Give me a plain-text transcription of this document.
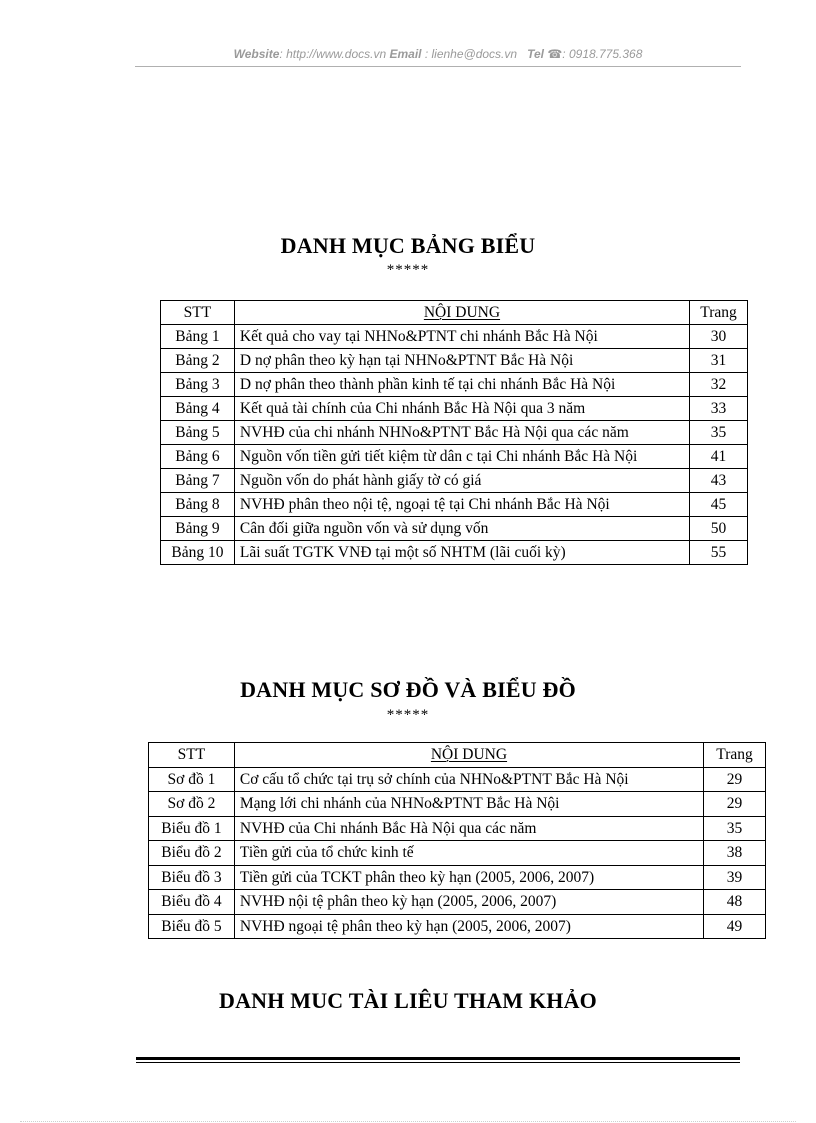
Website: http://www.docs.vn Email : lienhe@docs.vn Tel ☎: 0918.775.368
DANH MỤC BẢNG BIỂU
*****
STT	NỘI DUNG	Trang
Bảng 1	Kết quả cho vay tại NHNo&PTNT chi nhánh Bắc Hà Nội	30
Bảng 2	D nợ phân theo kỳ hạn tại NHNo&PTNT Bắc Hà Nội	31
Bảng 3	D nợ phân theo thành phần kinh tế tại chi nhánh Bắc Hà Nội	32
Bảng 4	Kết quả tài chính của Chi nhánh Bắc Hà Nội qua 3 năm	33
Bảng 5	NVHĐ của chi nhánh NHNo&PTNT Bắc Hà Nội qua các năm	35
Bảng 6	Nguồn vốn tiền gửi tiết kiệm từ dân c tại Chi nhánh Bắc Hà Nội	41
Bảng 7	Nguồn vốn do phát hành giấy tờ có giá	43
Bảng 8	NVHĐ phân theo nội tệ, ngoại tệ tại Chi nhánh Bắc Hà Nội	45
Bảng 9	Cân đối giữa nguồn vốn và sử dụng vốn	50
Bảng 10	Lãi suất TGTK VNĐ tại một số NHTM (lãi cuối kỳ)	55
DANH MỤC SƠ ĐỒ VÀ BIỂU ĐỒ
*****
STT	NỘI DUNG	Trang
Sơ đồ 1	Cơ cấu tổ chức tại trụ sở chính của NHNo&PTNT Bắc Hà Nội	29
Sơ đồ 2	Mạng lới chi nhánh của NHNo&PTNT Bắc Hà Nội	29
Biểu đồ 1	NVHĐ của Chi nhánh Bắc Hà Nội qua các năm	35
Biểu đồ 2	Tiền gửi của tổ chức kinh tế	38
Biểu đồ 3	Tiền gửi của TCKT phân theo kỳ hạn (2005, 2006, 2007)	39
Biểu đồ 4	NVHĐ nội tệ phân theo kỳ hạn (2005, 2006, 2007)	48
Biểu đồ 5	NVHĐ ngoại tệ phân theo kỳ hạn (2005, 2006, 2007)	49
DANH MUC TÀI LIÊU THAM KHẢO
